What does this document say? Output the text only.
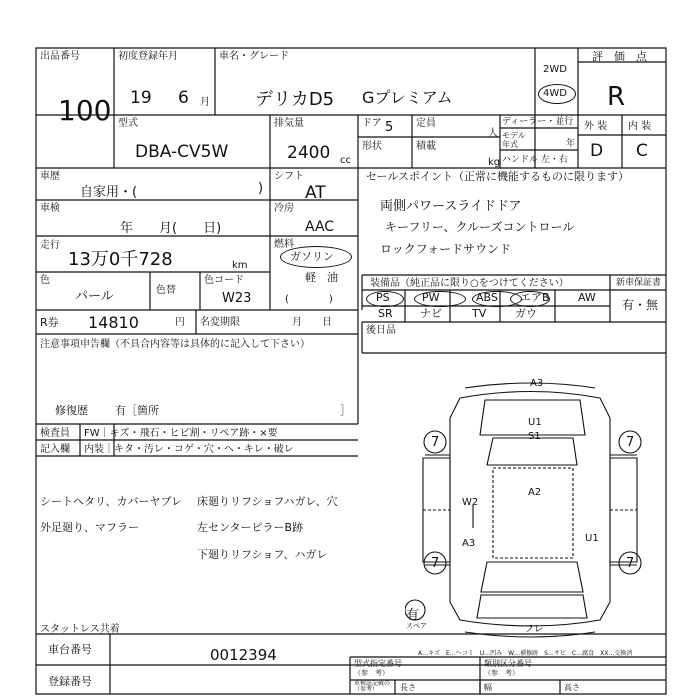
出品番号
100
初度登録年月
19 6 月
車名・グレード
デリカD5 Gプレミアム
2WD
4WD
評　価　点
R
外 装 内 装
D C
型式
DBA-CV5W
排気量
2400 cc
ドア 5 定員
人
形状	積載
kg
ディーラー・並行
モデル
年式	年
ハンドル 左・右
車歴
自家用・(	)
車検
年　　月(　　日)
走行
13万0千728	km
色
パール	色替
色コード
W23
シフト
AT
冷房
AAC
燃料
ガソリン
軽　油
(　　　　)
セールスポイント（正常に機能するものに限ります）
両側パワースライドドア
キーフリー、クルーズコントロール
ロックフォードサウンド
装備品（純正品に限り○をつけてください）	新車保証書
有・無
PS	PW	ABS エアB	AW
SR ナビ	TV	ガウ
後日品
R券 14810	円 名変期限	月　　日
注意事項申告欄（不具合内容等は具体的に記入して下さい）
修復歴 有［箇所	］
検査員 FW｜キズ・飛石・ヒビ割・リペア跡・×要
記入欄 内装｜キタ・汚レ・コゲ・穴・ヘ・キレ・破レ
シートヘタリ、カバーヤブレ
外足廻り、マフラー
床廻りリフショフハガレ、穴
左センターピラーB跡
下廻りリフショフ、ハガレ
スタットレス共着
A3
U1
S1
A2
W2
A3	U1
7	7
7	7
有
スペア	フレ
A…キズ　E…ヘコミ　U…凹み　W…補修跡　S…サビ　C…腐食　XX…交換済
車台番号	0012394
登録番号
型式指定番号
（参　考）
類別区分番号
（参　考）
車検証記載の
（参考）	長さ	幅	高さ
